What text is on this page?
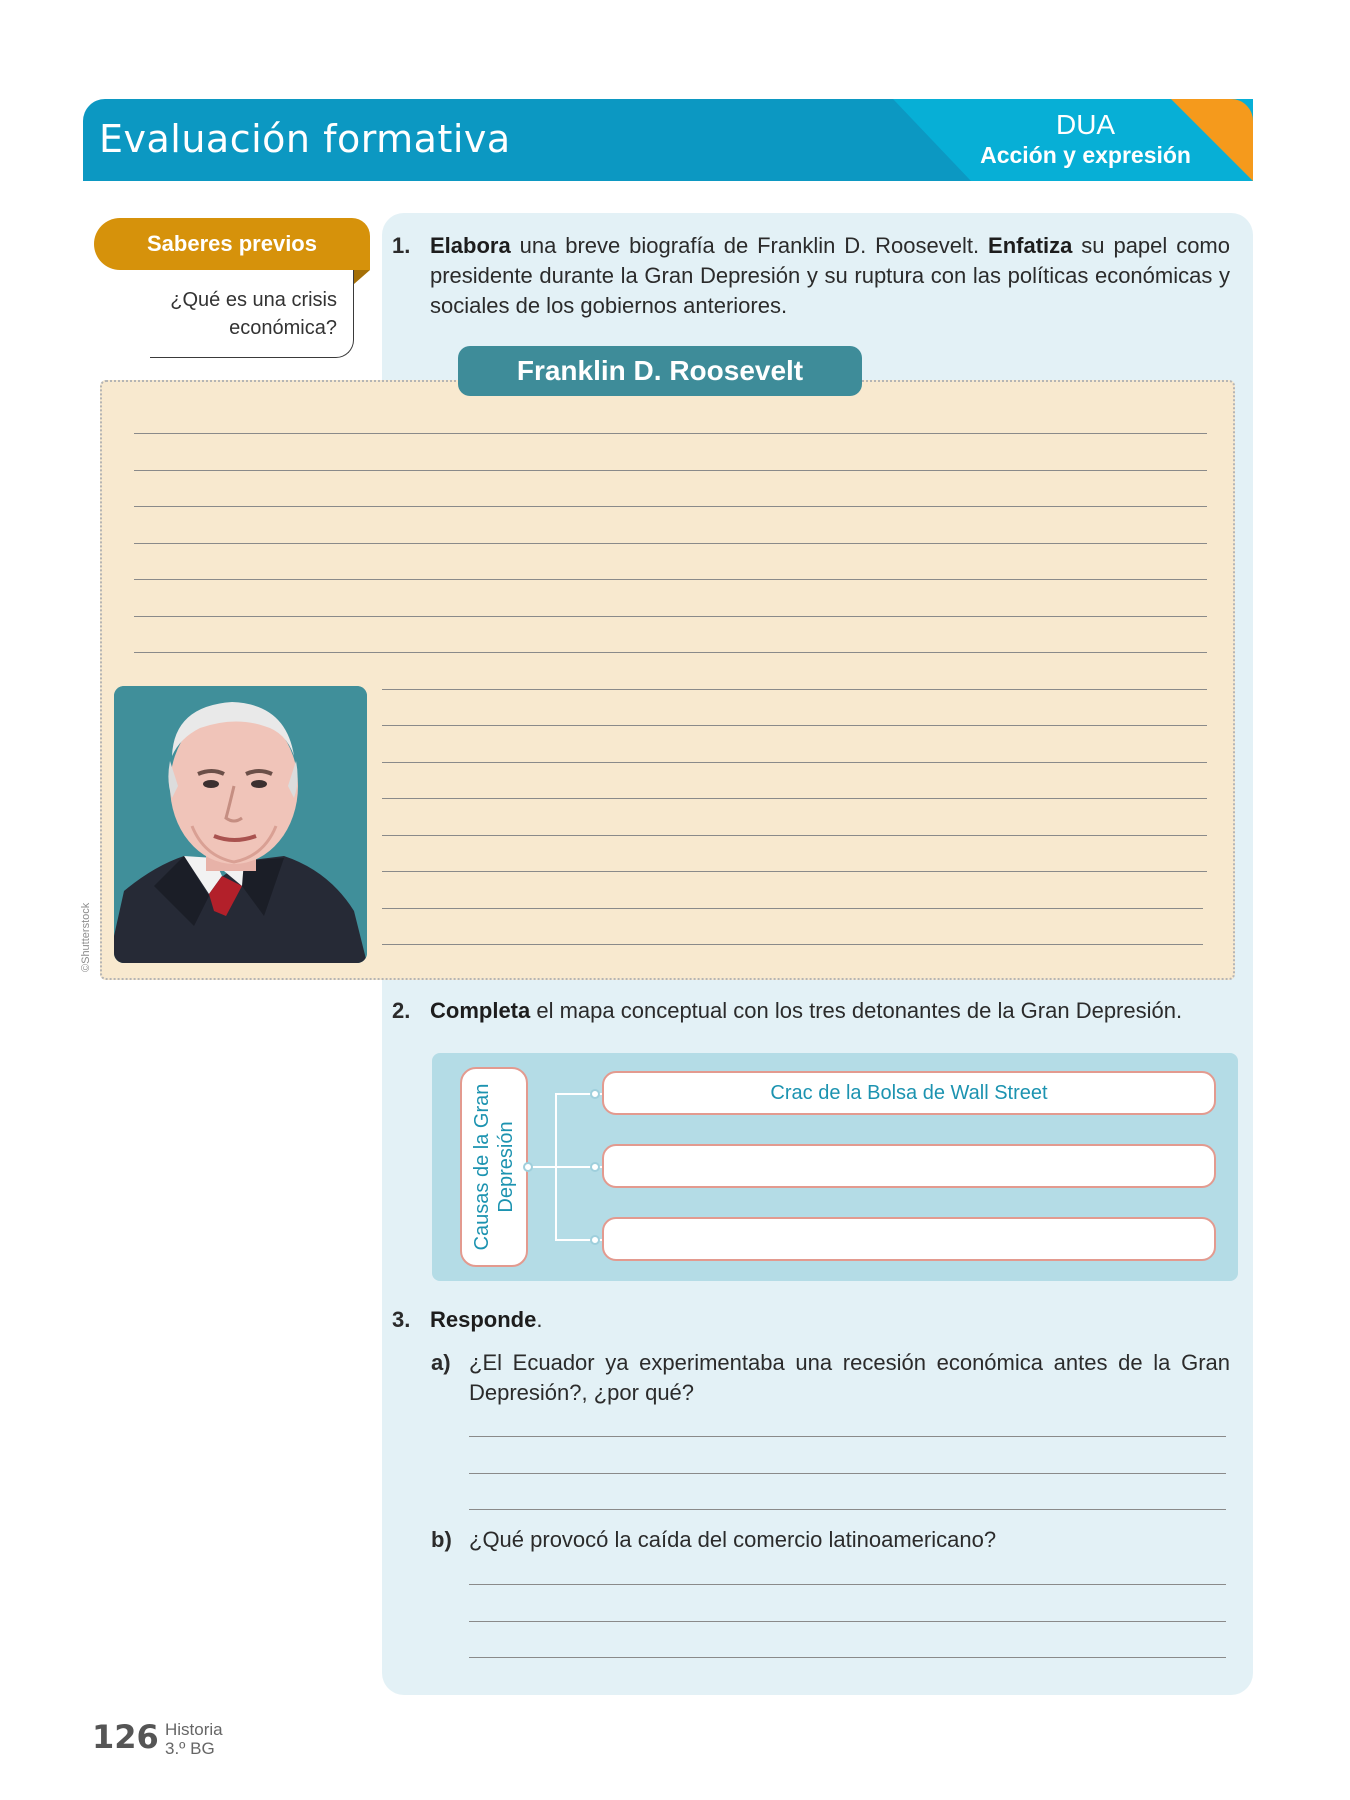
Evaluación formativa	DUA
Acción y expresión
Saberes previos
¿Qué es una crisis
económica?
1. Elabora una breve biografía de Franklin D. Roosevelt. Enfatiza su papel como presidente durante la Gran Depresión y su ruptura con las políticas económicas y sociales de los gobiernos anteriores.
Franklin D. Roosevelt
©Shutterstock
2. Completa el mapa conceptual con los tres detonantes de la Gran Depresión.
Causas de la Gran Depresión
Crac de la Bolsa de Wall Street
3. Responde.
a) ¿El Ecuador ya experimentaba una recesión económica antes de la Gran Depresión?, ¿por qué?
b) ¿Qué provocó la caída del comercio latinoamericano?
126 Historia
3.º BG
